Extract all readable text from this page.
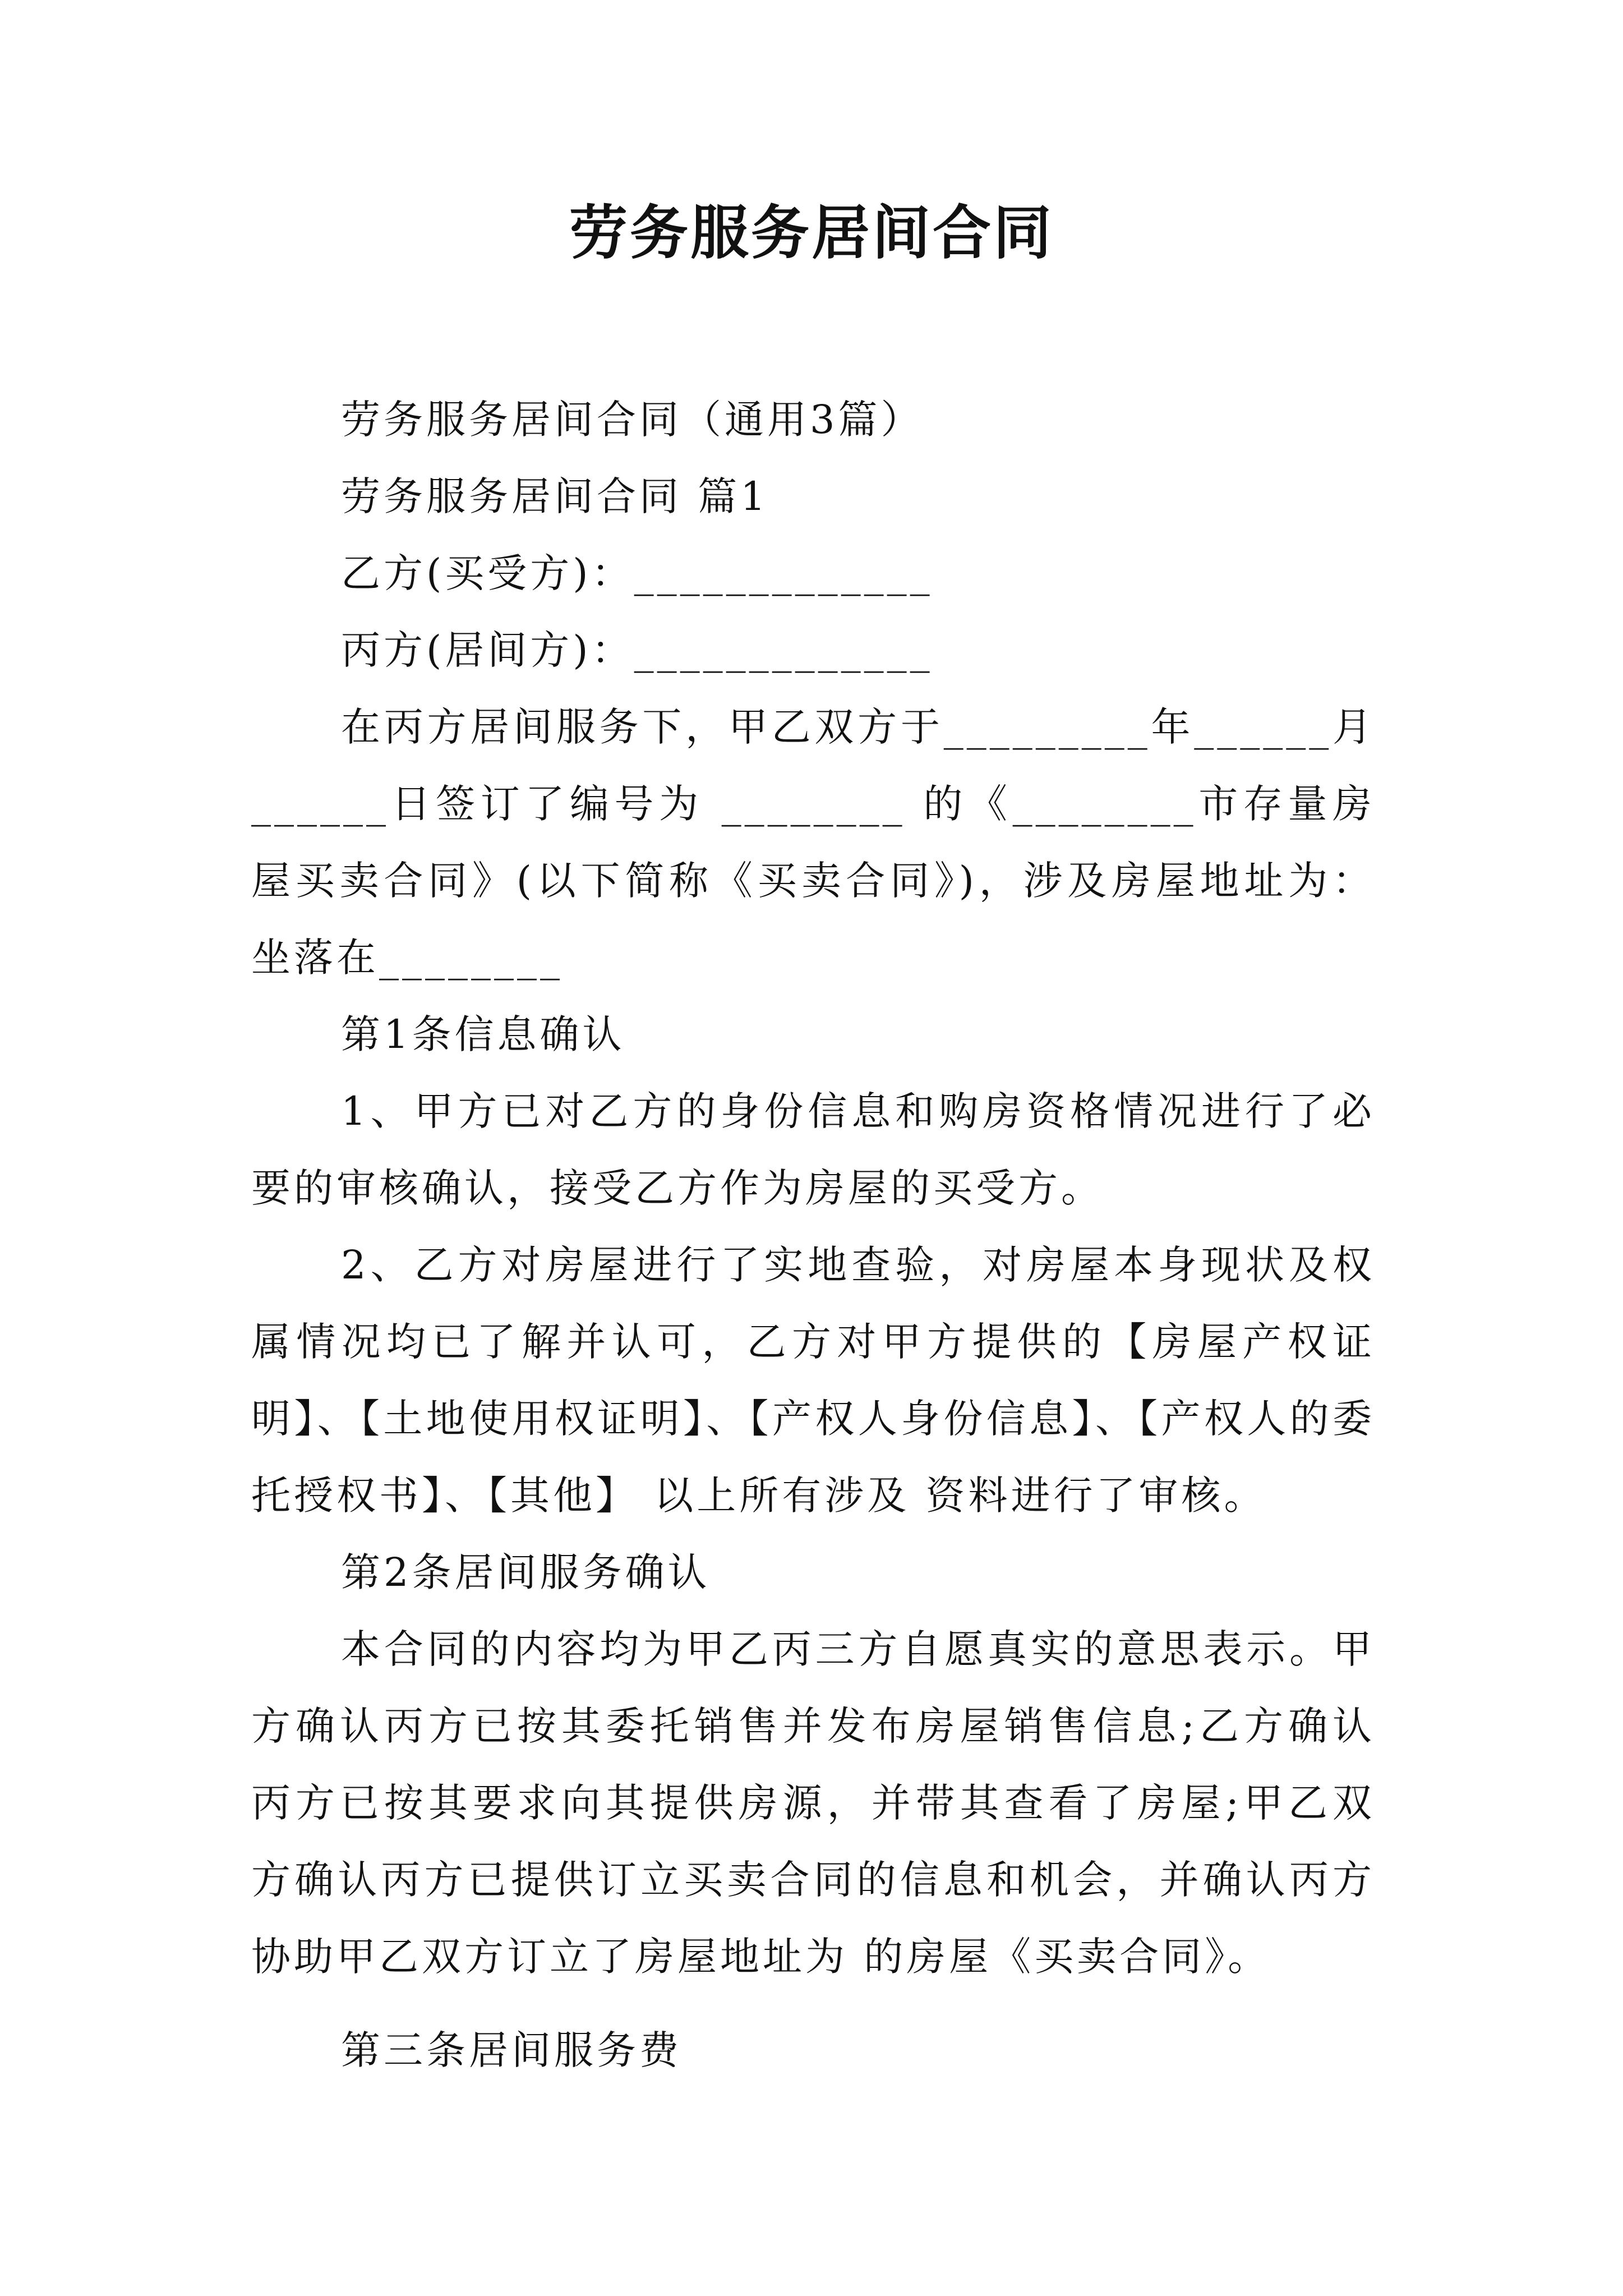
劳务服务居间合同

劳务服务居间合同（通用3篇）

劳务服务居间合同 篇1

乙方(买受方)：_____________

丙方(居间方)：_____________

在丙方居间服务下，甲乙双方于_________年______月______日签订了编号为 ________ 的《________市存量房屋买卖合同》(以下简称《买卖合同》)，涉及房屋地址为：坐落在________

第1条信息确认

1、甲方已对乙方的身份信息和购房资格情况进行了必要的审核确认，接受乙方作为房屋的买受方。

2、乙方对房屋进行了实地查验，对房屋本身现状及权属情况均已了解并认可，乙方对甲方提供的【房屋产权证明】、【土地使用权证明】、【产权人身份信息】、【产权人的委托授权书】、【其他】 以上所有涉及 资料进行了审核。

第2条居间服务确认

本合同的内容均为甲乙丙三方自愿真实的意思表示。甲方确认丙方已按其委托销售并发布房屋销售信息;乙方确认丙方已按其要求向其提供房源，并带其查看了房屋;甲乙双方确认丙方已提供订立买卖合同的信息和机会，并确认丙方协助甲乙双方订立了房屋地址为 的房屋《买卖合同》。

第三条居间服务费
